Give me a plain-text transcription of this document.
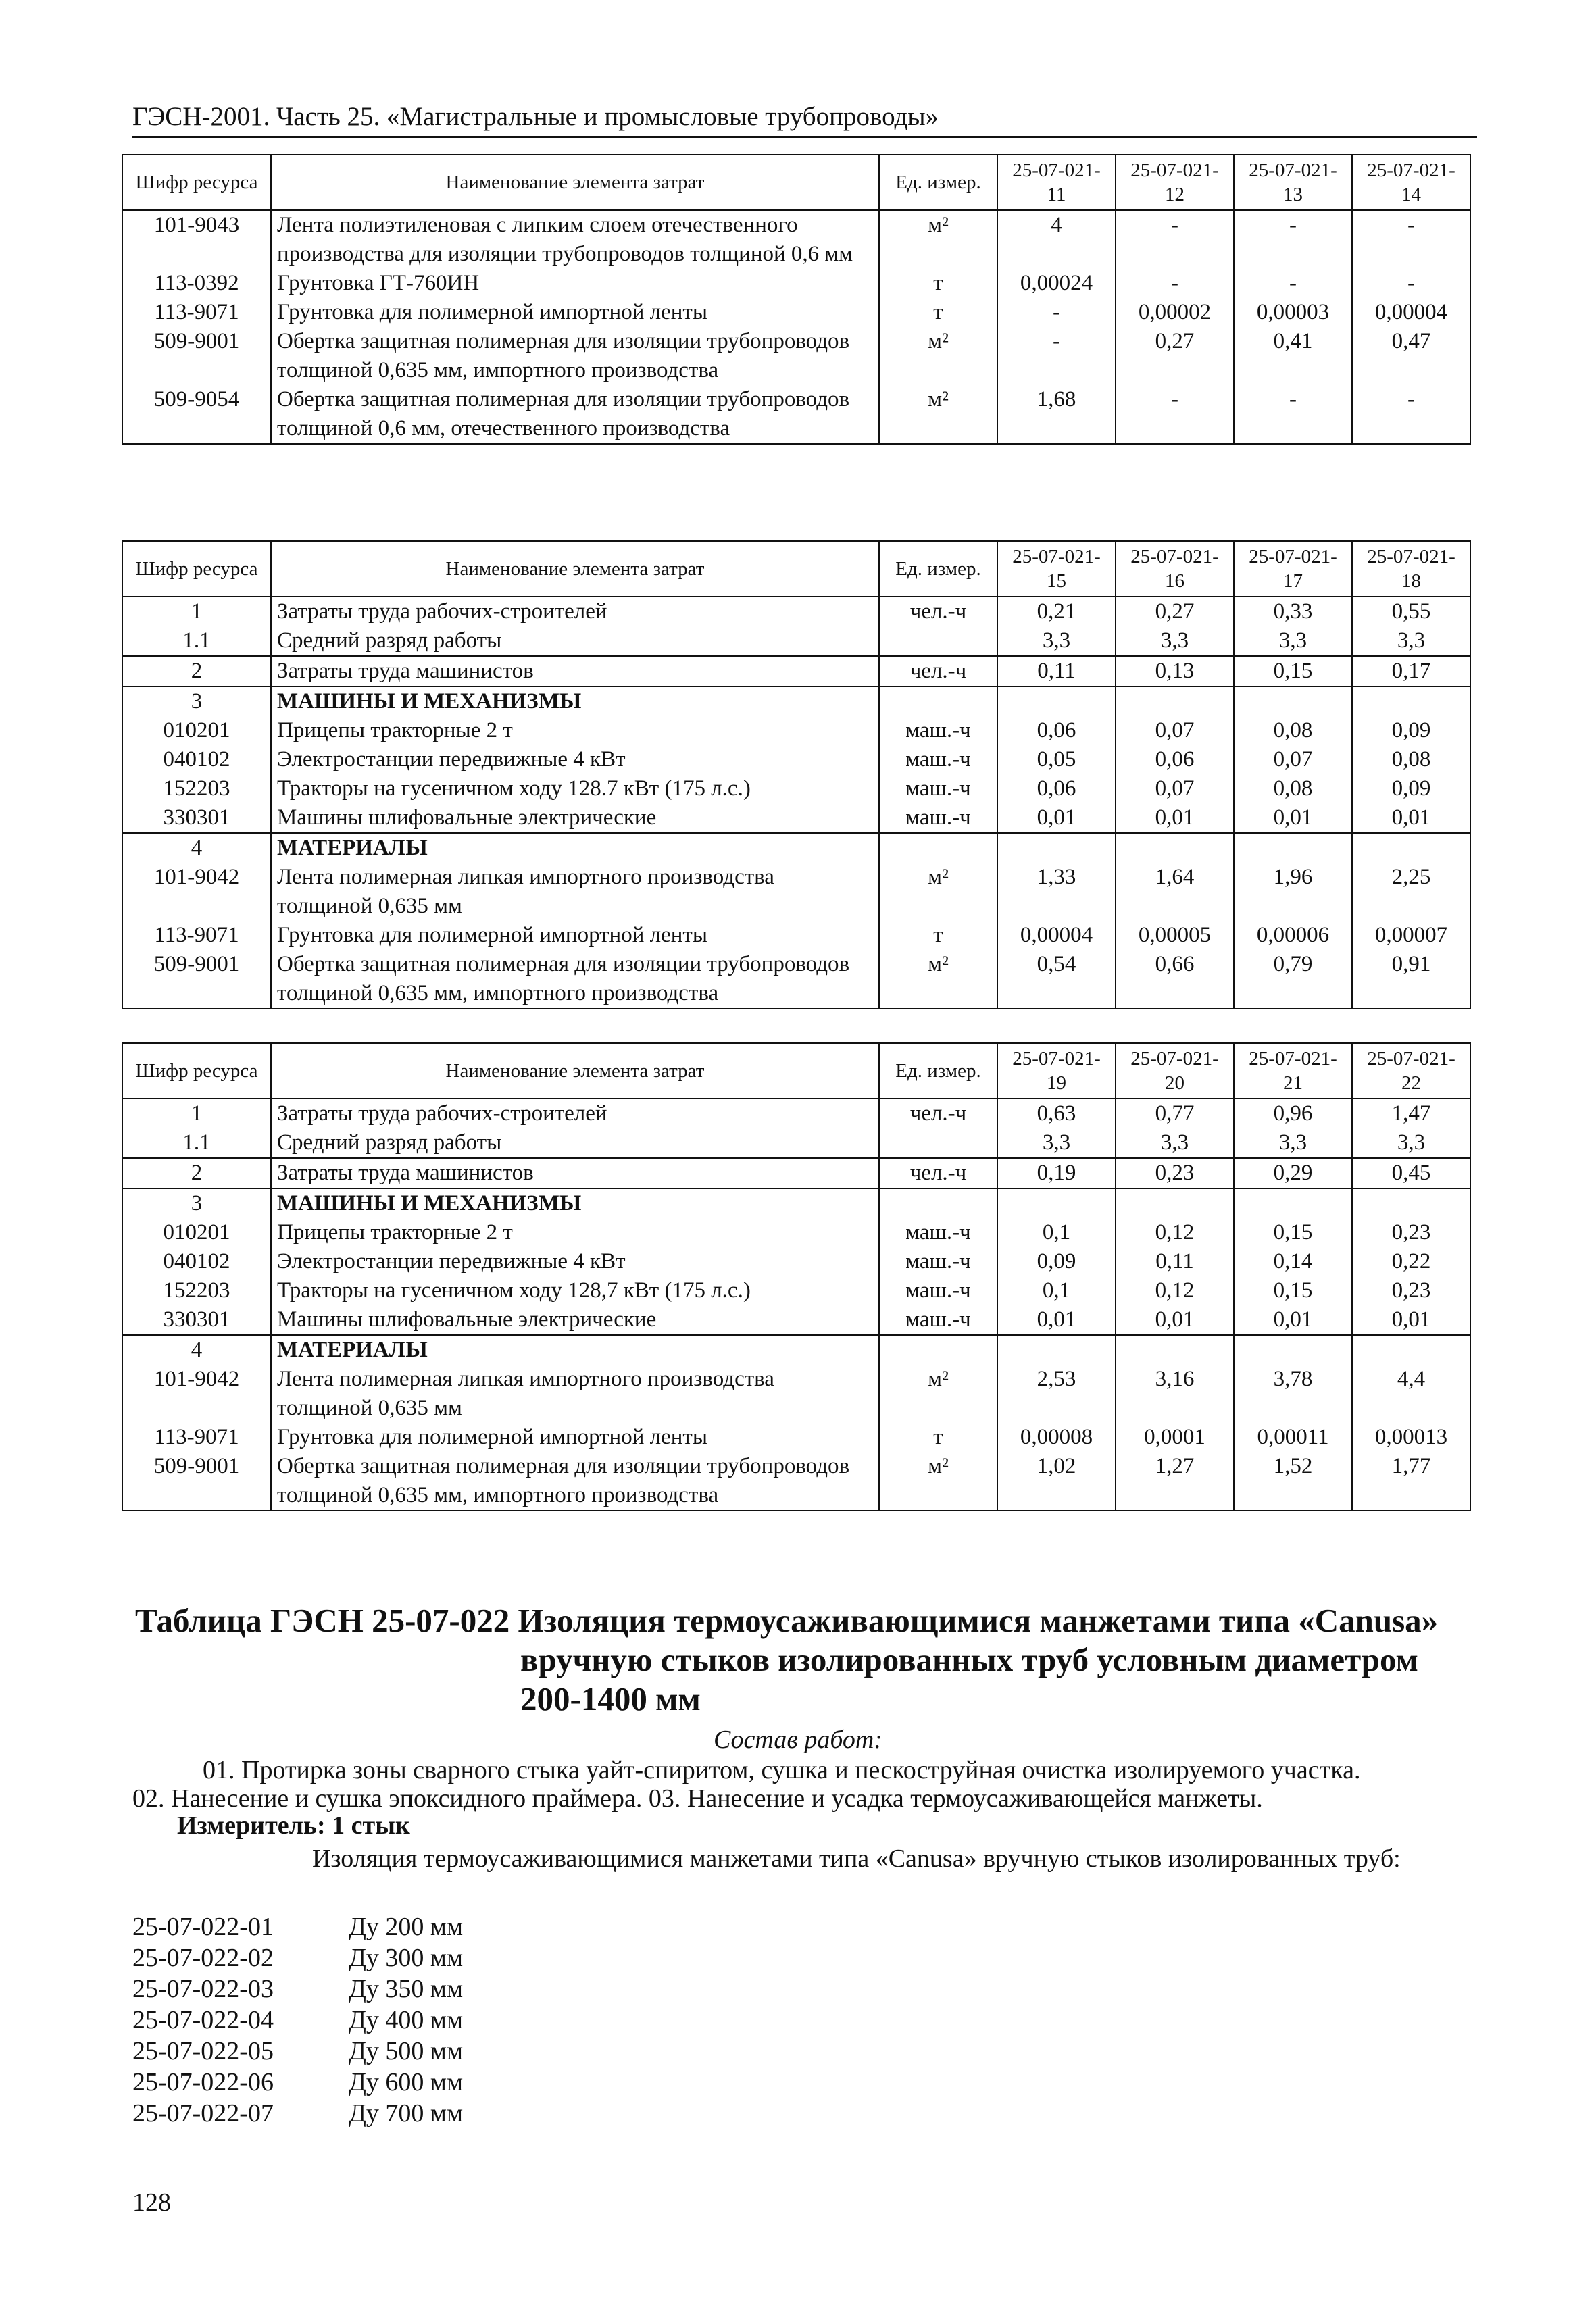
ГЭСН-2001. Часть 25. «Магистральные и промысловые трубопроводы»
Шифр ресурса	Наименование элемента затрат	Ед. измер.	25-07-021-11	25-07-021-12	25-07-021-13	25-07-021-14
101-9043	Лента полиэтиленовая с липким слоем отечественного производства для изоляции трубопроводов толщиной 0,6 мм	м²	4	-	-	-
113-0392	Грунтовка ГТ-760ИН	т	0,00024	-	-	-
113-9071	Грунтовка для полимерной импортной ленты	т	-	0,00002	0,00003	0,00004
509-9001	Обертка защитная полимерная для изоляции трубопроводов толщиной 0,635 мм, импортного производства	м²	-	0,27	0,41	0,47
509-9054	Обертка защитная полимерная для изоляции трубопроводов толщиной 0,6 мм, отечественного производства	м²	1,68	-	-	-
Шифр ресурса	Наименование элемента затрат	Ед. измер.	25-07-021-15	25-07-021-16	25-07-021-17	25-07-021-18
1	Затраты труда рабочих-строителей	чел.-ч	0,21	0,27	0,33	0,55
1.1	Средний разряд работы		3,3	3,3	3,3	3,3
2	Затраты труда машинистов	чел.-ч	0,11	0,13	0,15	0,17
3	МАШИНЫ И МЕХАНИЗМЫ					
010201	Прицепы тракторные 2 т	маш.-ч	0,06	0,07	0,08	0,09
040102	Электростанции передвижные 4 кВт	маш.-ч	0,05	0,06	0,07	0,08
152203	Тракторы на гусеничном ходу 128.7 кВт (175 л.с.)	маш.-ч	0,06	0,07	0,08	0,09
330301	Машины шлифовальные электрические	маш.-ч	0,01	0,01	0,01	0,01
4	МАТЕРИАЛЫ					
101-9042	Лента полимерная липкая импортного производства толщиной 0,635 мм	м²	1,33	1,64	1,96	2,25
113-9071	Грунтовка для полимерной импортной ленты	т	0,00004	0,00005	0,00006	0,00007
509-9001	Обертка защитная полимерная для изоляции трубопроводов толщиной 0,635 мм, импортного производства	м²	0,54	0,66	0,79	0,91
Шифр ресурса	Наименование элемента затрат	Ед. измер.	25-07-021-19	25-07-021-20	25-07-021-21	25-07-021-22
1	Затраты труда рабочих-строителей	чел.-ч	0,63	0,77	0,96	1,47
1.1	Средний разряд работы		3,3	3,3	3,3	3,3
2	Затраты труда машинистов	чел.-ч	0,19	0,23	0,29	0,45
3	МАШИНЫ И МЕХАНИЗМЫ					
010201	Прицепы тракторные 2 т	маш.-ч	0,1	0,12	0,15	0,23
040102	Электростанции передвижные 4 кВт	маш.-ч	0,09	0,11	0,14	0,22
152203	Тракторы на гусеничном ходу 128,7 кВт (175 л.с.)	маш.-ч	0,1	0,12	0,15	0,23
330301	Машины шлифовальные электрические	маш.-ч	0,01	0,01	0,01	0,01
4	МАТЕРИАЛЫ					
101-9042	Лента полимерная липкая импортного производства толщиной 0,635 мм	м²	2,53	3,16	3,78	4,4
113-9071	Грунтовка для полимерной импортной ленты	т	0,00008	0,0001	0,00011	0,00013
509-9001	Обертка защитная полимерная для изоляции трубопроводов толщиной 0,635 мм, импортного производства	м²	1,02	1,27	1,52	1,77
Таблица ГЭСН 25-07-022 Изоляция термоусаживающимися манжетами типа «Canusa»
вручную стыков изолированных труб условным диаметром
200-1400 мм
Состав работ:
01. Протирка зоны сварного стыка уайт-спиритом, сушка и пескоструйная очистка изолируемого участка.
02. Нанесение и сушка эпоксидного праймера. 03. Нанесение и усадка термоусаживающейся манжеты.
Измеритель: 1 стык
Изоляция термоусаживающимися манжетами типа «Canusa» вручную стыков изолированных труб:
25-07-022-01	Ду 200 мм
25-07-022-02	Ду 300 мм
25-07-022-03	Ду 350 мм
25-07-022-04	Ду 400 мм
25-07-022-05	Ду 500 мм
25-07-022-06	Ду 600 мм
25-07-022-07	Ду 700 мм
128
